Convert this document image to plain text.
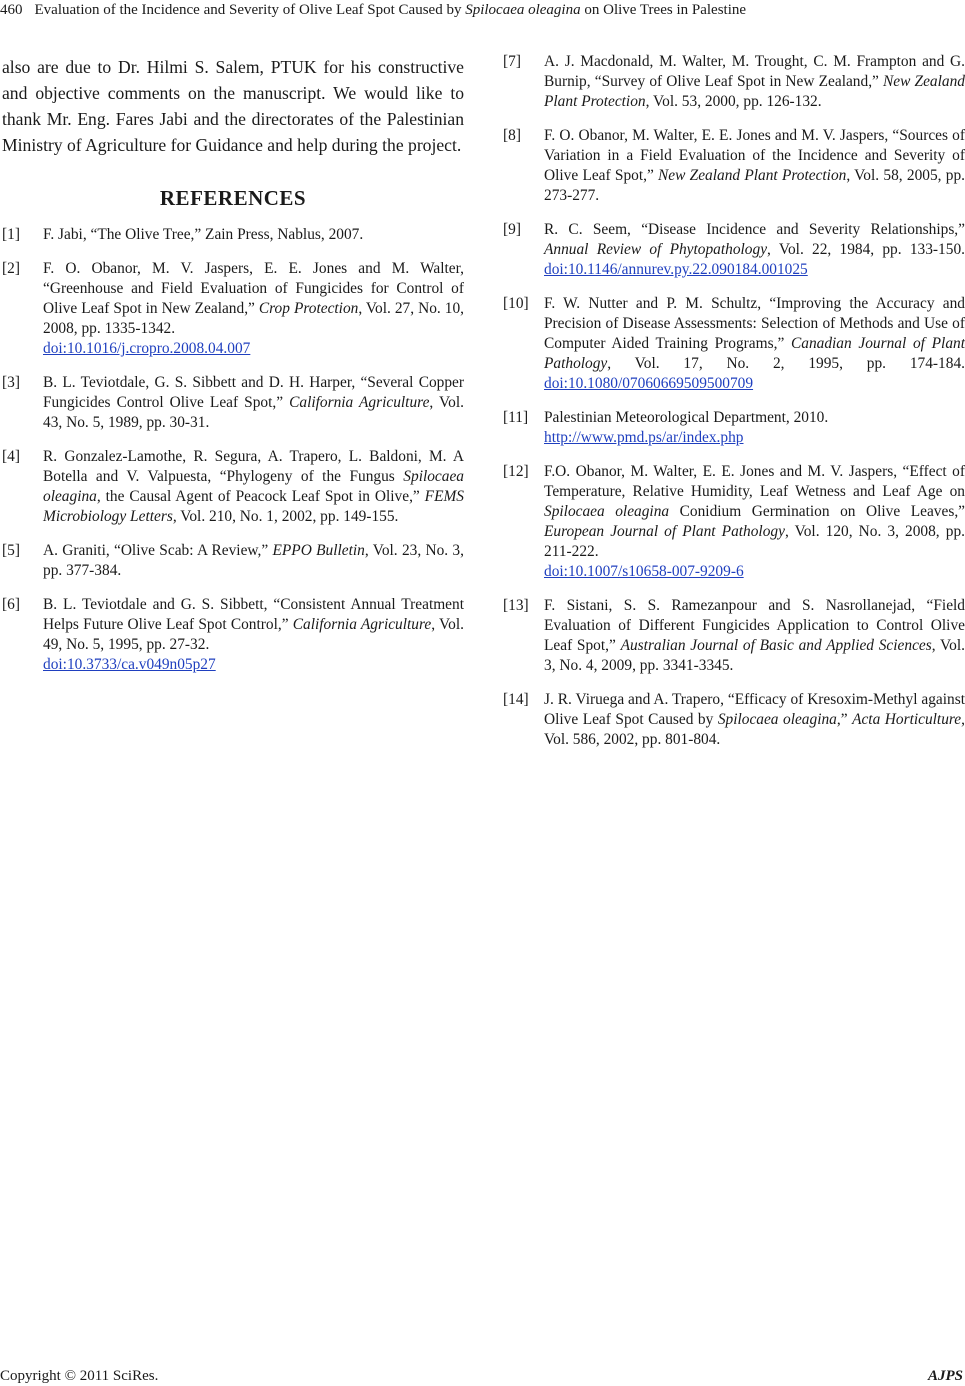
460 Evaluation of the Incidence and Severity of Olive Leaf Spot Caused by Spilocaea oleagina on Olive Trees in Palestine

also are due to Dr. Hilmi S. Salem, PTUK for his constructive and objective comments on the manuscript. We would like to thank Mr. Eng. Fares Jabi and the directorates of the Palestinian Ministry of Agriculture for Guidance and help during the project.

REFERENCES
[1]	F. Jabi, “The Olive Tree,” Zain Press, Nablus, 2007.
[2]	F. O. Obanor, M. V. Jaspers, E. E. Jones and M. Walter, “Greenhouse and Field Evaluation of Fungicides for Control of Olive Leaf Spot in New Zealand,” Crop Protection, Vol. 27, No. 10, 2008, pp. 1335-1342.
doi:10.1016/j.cropro.2008.04.007
[3]	B. L. Teviotdale, G. S. Sibbett and D. H. Harper, “Several Copper Fungicides Control Olive Leaf Spot,” California Agriculture, Vol. 43, No. 5, 1989, pp. 30-31.
[4]	R. Gonzalez-Lamothe, R. Segura, A. Trapero, L. Baldoni, M. A Botella and V. Valpuesta, “Phylogeny of the Fungus Spilocaea oleagina, the Causal Agent of Peacock Leaf Spot in Olive,” FEMS Microbiology Letters, Vol. 210, No. 1, 2002, pp. 149-155.
[5]	A. Graniti, “Olive Scab: A Review,” EPPO Bulletin, Vol. 23, No. 3, pp. 377-384.
[6]	B. L. Teviotdale and G. S. Sibbett, “Consistent Annual Treatment Helps Future Olive Leaf Spot Control,” California Agriculture, Vol. 49, No. 5, 1995, pp. 27-32.
doi:10.3733/ca.v049n05p27
[7]	A. J. Macdonald, M. Walter, M. Trought, C. M. Frampton and G. Burnip, “Survey of Olive Leaf Spot in New Zealand,” New Zealand Plant Protection, Vol. 53, 2000, pp. 126-132.
[8]	F. O. Obanor, M. Walter, E. E. Jones and M. V. Jaspers, “Sources of Variation in a Field Evaluation of the Incidence and Severity of Olive Leaf Spot,” New Zealand Plant Protection, Vol. 58, 2005, pp. 273-277.
[9]	R. C. Seem, “Disease Incidence and Severity Relationships,” Annual Review of Phytopathology, Vol. 22, 1984, pp. 133-150. doi:10.1146/annurev.py.22.090184.001025
[10] F. W. Nutter and P. M. Schultz, “Improving the Accuracy and Precision of Disease Assessments: Selection of Methods and Use of Computer Aided Training Programs,” Canadian Journal of Plant Pathology, Vol. 17, No. 2, 1995, pp. 174-184. doi:10.1080/07060669509500709
[11]	Palestinian Meteorological Department, 2010.
http://www.pmd.ps/ar/index.php
[12] F.O. Obanor, M. Walter, E. E. Jones and M. V. Jaspers, “Effect of Temperature, Relative Humidity, Leaf Wetness and Leaf Age on Spilocaea oleagina Conidium Germination on Olive Leaves,” European Journal of Plant Pathology, Vol. 120, No. 3, 2008, pp. 211-222.
doi:10.1007/s10658-007-9209-6
[13] F. Sistani, S. S. Ramezanpour and S. Nasrollanejad, “Field Evaluation of Different Fungicides Application to Control Olive Leaf Spot,” Australian Journal of Basic and Applied Sciences, Vol. 3, No. 4, 2009, pp. 3341-3345.
[14] J. R. Viruega and A. Trapero, “Efficacy of Kresoxim-Methyl against Olive Leaf Spot Caused by Spilocaea oleagina,” Acta Horticulture, Vol. 586, 2002, pp. 801-804.
Copyright © 2011 SciRes.	AJPS
